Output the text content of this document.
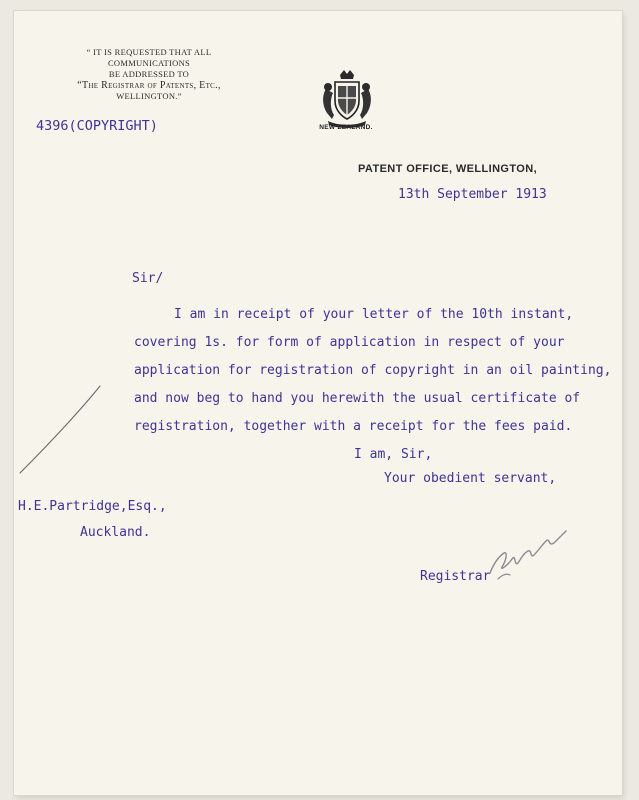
“ IT IS REQUESTED THAT ALL
COMMUNICATIONS
BE ADDRESSED TO
“The Registrar of Patents, Etc.,
WELLINGTON.”
NEW ZEALAND.
PATENT OFFICE, WELLINGTON,
4396(COPYRIGHT)
13th September 1913
Sir/
I am in receipt of your letter of the 10th instant,
covering 1s. for form of application in respect of your
application for registration of copyright in an oil painting,
and now beg to hand you herewith the usual certificate of
registration, together with a receipt for the fees paid.
I am, Sir,
Your obedient servant,
H.E.Partridge,Esq.,
Auckland.
Registrar
